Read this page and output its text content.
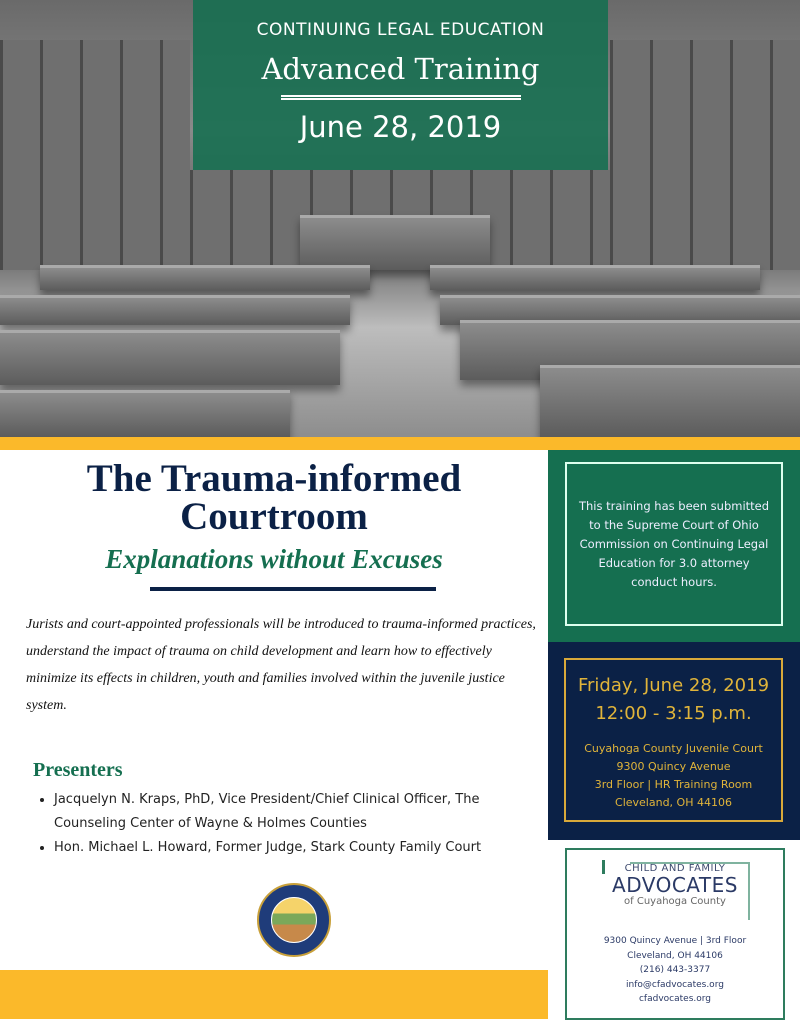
CONTINUING LEGAL EDUCATION
Advanced Training
June 28, 2019
The Trauma-informed Courtroom
Explanations without Excuses

Jurists and court-appointed professionals will be introduced to trauma-informed practices, understand the impact of trauma on child development and learn how to effectively minimize its effects in children, youth and families involved within the juvenile justice system.

Presenters
• Jacquelyn N. Kraps, PhD, Vice President/Chief Clinical Officer, The Counseling Center of Wayne & Holmes Counties
• Hon. Michael L. Howard, Former Judge, Stark County Family Court
This training has been submitted to the Supreme Court of Ohio Commission on Continuing Legal Education for 3.0 attorney conduct hours.
Friday, June 28, 2019
12:00 - 3:15 p.m.
Cuyahoga County Juvenile Court
9300 Quincy Avenue
3rd Floor | HR Training Room
Cleveland, OH 44106
CHILD AND FAMILY
ADVOCATES
of Cuyahoga County
9300 Quincy Avenue | 3rd Floor
Cleveland, OH 44106
(216) 443-3377
info@cfadvocates.org
cfadvocates.org
